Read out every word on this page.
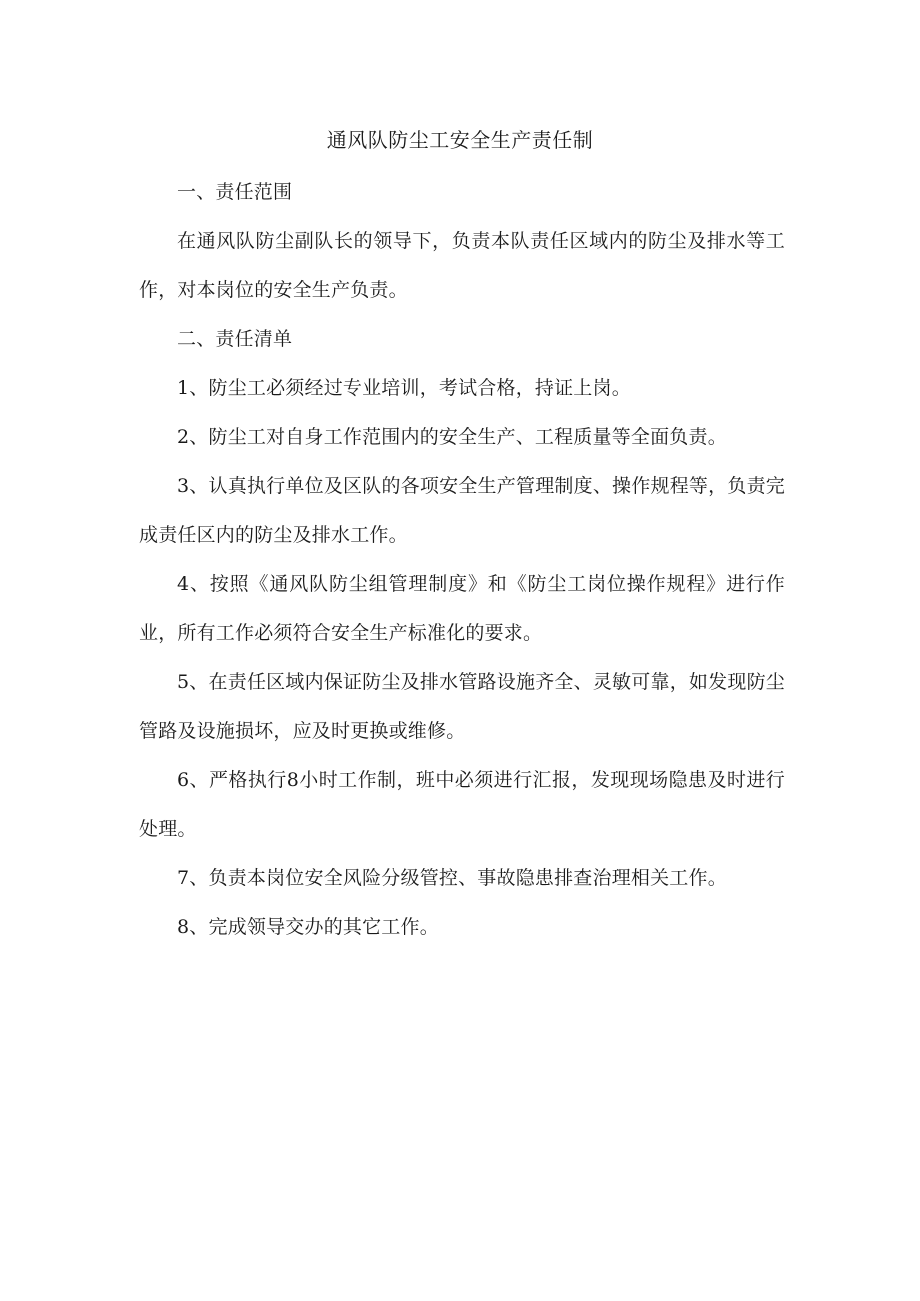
通风队防尘工安全生产责任制

一、责任范围

在通风队防尘副队长的领导下，负责本队责任区域内的防尘及排水等工作，对本岗位的安全生产负责。

二、责任清单

1、防尘工必须经过专业培训，考试合格，持证上岗。

2、防尘工对自身工作范围内的安全生产、工程质量等全面负责。

3、认真执行单位及区队的各项安全生产管理制度、操作规程等，负责完成责任区内的防尘及排水工作。

4、按照《通风队防尘组管理制度》和《防尘工岗位操作规程》进行作业，所有工作必须符合安全生产标准化的要求。

5、在责任区域内保证防尘及排水管路设施齐全、灵敏可靠，如发现防尘管路及设施损坏，应及时更换或维修。

6、严格执行8小时工作制，班中必须进行汇报，发现现场隐患及时进行处理。

7、负责本岗位安全风险分级管控、事故隐患排查治理相关工作。

8、完成领导交办的其它工作。
